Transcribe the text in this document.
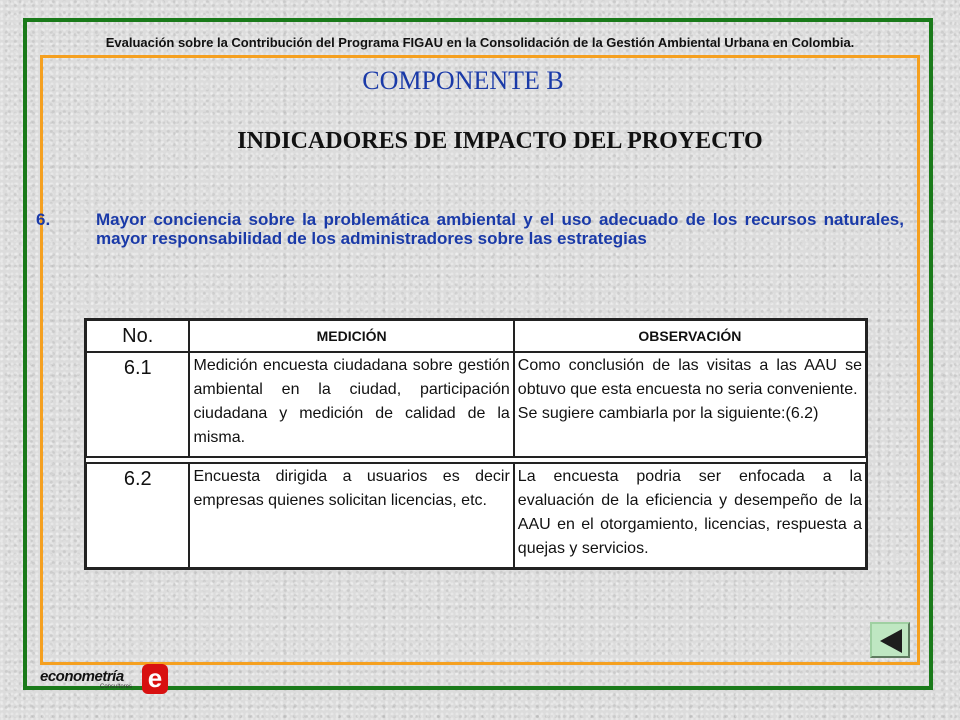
Evaluación sobre la Contribución del Programa FIGAU en la Consolidación de la Gestión Ambiental Urbana en Colombia.
COMPONENTE B
INDICADORES DE IMPACTO DEL PROYECTO
6.	Mayor conciencia sobre la problemática ambiental y el uso adecuado de los recursos naturales, mayor responsabilidad de los administradores sobre las estrategias
No.	MEDICIÓN	OBSERVACIÓN
6.1	Medición encuesta ciudadana sobre gestión ambiental en la ciudad, participación ciudadana y medición de calidad de la misma.	Como conclusión de las visitas a las AAU se obtuvo que esta encuesta no seria conveniente.
Se sugiere cambiarla por la siguiente:(6.2)

6.2	Encuesta dirigida a usuarios es decir empresas quienes solicitan licencias, etc.	La encuesta podria ser enfocada a la evaluación de la eficiencia y desempeño de la AAU en el otorgamiento, licencias, respuesta a quejas y servicios.
econometría
Consultores e
